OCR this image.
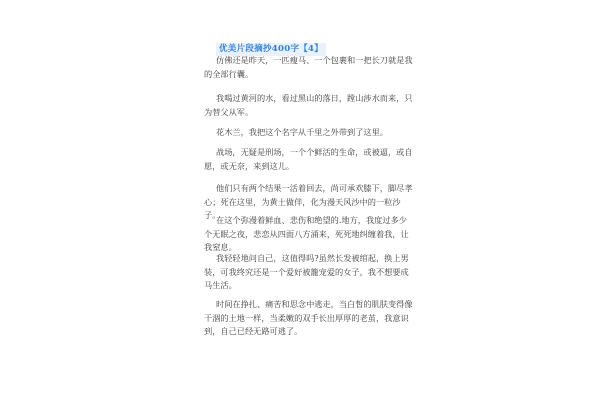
优美片段摘抄400字【4】

仿佛还是昨天，一匹瘦马、一个包裹和一把长刀就是我的全部行囊。

我喝过黄河的水，看过黑山的落日，蹚山涉水而来，只为替父从军。

花木兰，我把这个名字从千里之外带到了这里。

战场，无疑是刑场，一个个鲜活的生命，或被逼，或自愿，或无奈，来到这儿。

他们只有两个结果一活着回去，尚可承欢膝下，脚尽孝心；死在这里，为黄土做伴，化为漫天风沙中的一粒沙子。

在这个弥漫着鲜血、悲伤和绝望的.地方，我度过多少个无眠之夜，悲恋从四面八方涌来，死死地纠缠着我，让我窒息。

我轻轻地问自己，这值得吗?虽然长发被绾起，换上男装，可我终究还是一个爱好被籠宠爱的女子，我不想要成马生活。

时间在挣扎、痛苦和思念中逃走，当白皙的肌肤变得像干涸的土地一样，当柔嫩的双手长出厚厚的老茧，我意识到，自己已经无路可逃了。
